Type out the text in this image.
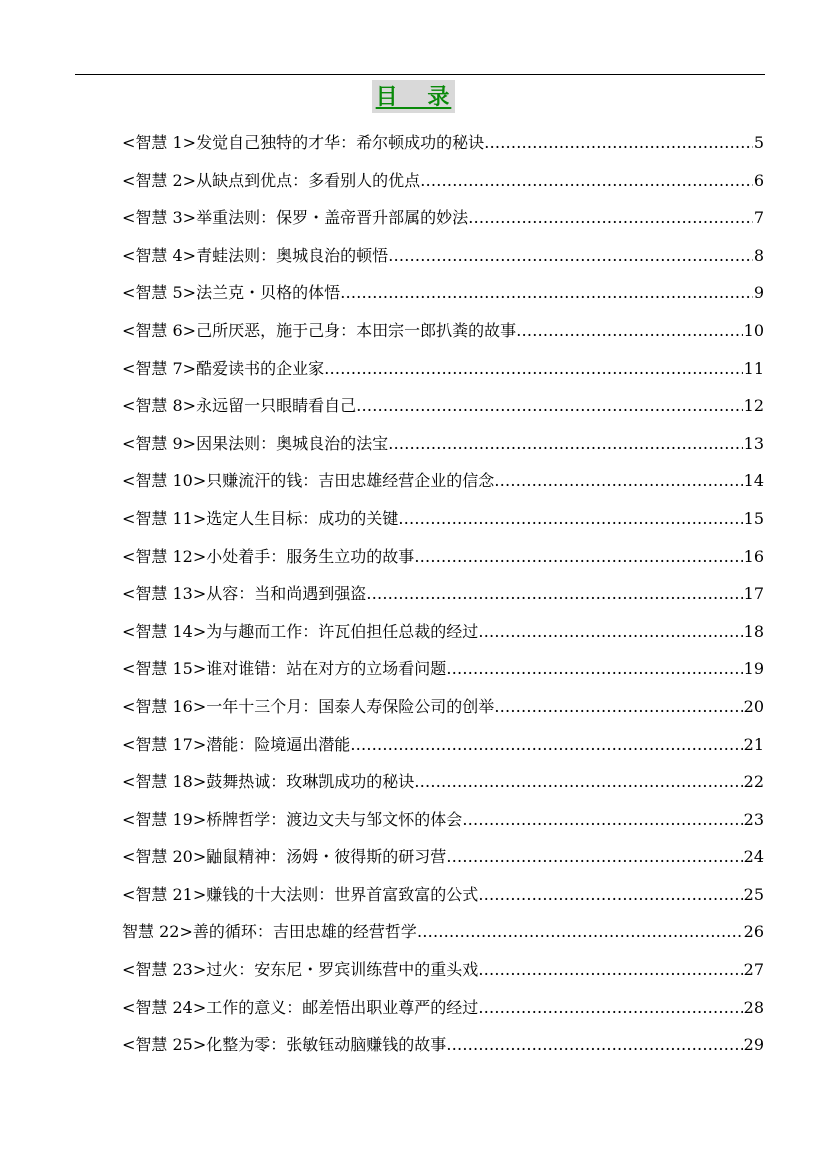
目 录
<智慧 1>发觉自己独特的才华：希尔顿成功的秘诀 ……………………………………………………………………………………………………………………………………………………	5
<智慧 2>从缺点到优点：多看别人的优点 ……………………………………………………………………………………………………………………………………………………	6
<智慧 3>举重法则：保罗・盖帝晋升部属的妙法 ……………………………………………………………………………………………………………………………………………………	7
<智慧 4>青蛙法则：奥城良治的顿悟 ……………………………………………………………………………………………………………………………………………………	8
<智慧 5>法兰克・贝格的体悟 ……………………………………………………………………………………………………………………………………………………	9
<智慧 6>己所厌恶，施于己身：本田宗一郎扒粪的故事 ……………………………………………………………………………………………………………………………………………………	10
<智慧 7>酷爱读书的企业家 ……………………………………………………………………………………………………………………………………………………	11
<智慧 8>永远留一只眼睛看自己 ……………………………………………………………………………………………………………………………………………………	12
<智慧 9>因果法则：奥城良治的法宝 ……………………………………………………………………………………………………………………………………………………	13
<智慧 10>只赚流汗的钱：吉田忠雄经营企业的信念 ……………………………………………………………………………………………………………………………………………………	14
<智慧 11>选定人生目标：成功的关键 ……………………………………………………………………………………………………………………………………………………	15
<智慧 12>小处着手：服务生立功的故事 ……………………………………………………………………………………………………………………………………………………	16
<智慧 13>从容：当和尚遇到强盗 ……………………………………………………………………………………………………………………………………………………	17
<智慧 14>为与趣而工作：许瓦伯担任总裁的经过 ……………………………………………………………………………………………………………………………………………………	18
<智慧 15>谁对谁错：站在对方的立场看问题 ……………………………………………………………………………………………………………………………………………………	19
<智慧 16>一年十三个月：国泰人寿保险公司的创举 ……………………………………………………………………………………………………………………………………………………	20
<智慧 17>潜能：险境逼出潜能 ……………………………………………………………………………………………………………………………………………………	21
<智慧 18>鼓舞热诚：玫琳凯成功的秘诀 ……………………………………………………………………………………………………………………………………………………	22
<智慧 19>桥牌哲学：渡边文夫与邹文怀的体会 ……………………………………………………………………………………………………………………………………………………	23
<智慧 20>鼬鼠精神：汤姆・彼得斯的研习营 ……………………………………………………………………………………………………………………………………………………	24
<智慧 21>赚钱的十大法则：世界首富致富的公式 ……………………………………………………………………………………………………………………………………………………	25
智慧 22>善的循环：吉田忠雄的经营哲学 ……………………………………………………………………………………………………………………………………………………	26
<智慧 23>过火：安东尼・罗宾训练营中的重头戏 ……………………………………………………………………………………………………………………………………………………	27
<智慧 24>工作的意义：邮差悟出职业尊严的经过 ……………………………………………………………………………………………………………………………………………………	28
<智慧 25>化整为零：张敏钰动脑赚钱的故事 ……………………………………………………………………………………………………………………………………………………	29
